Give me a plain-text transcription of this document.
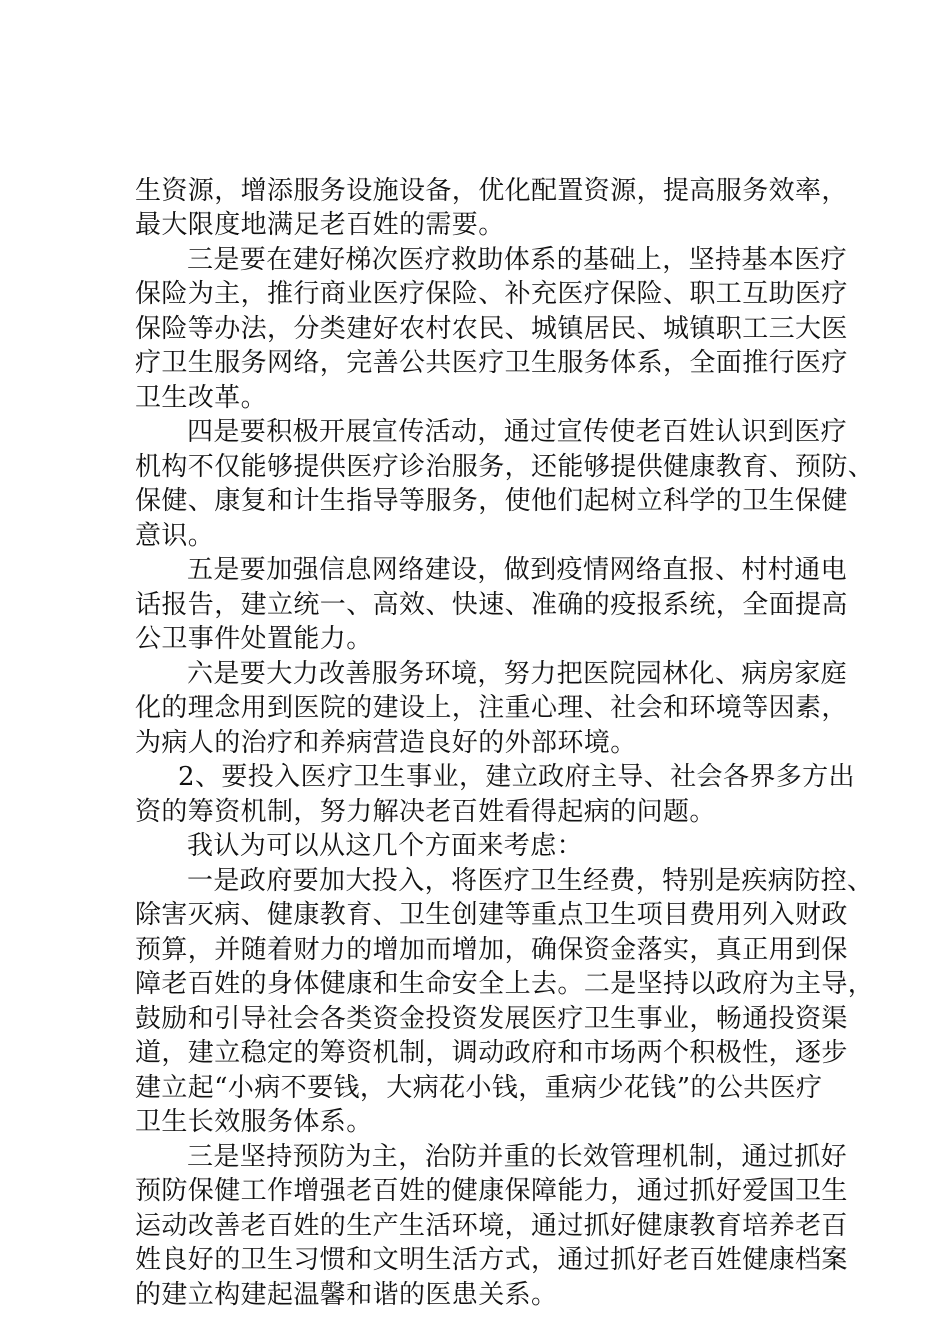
生资源，增添服务设施设备，优化配置资源，提高服务效率，
最大限度地满足老百姓的需要。
三是要在建好梯次医疗救助体系的基础上，坚持基本医疗
保险为主，推行商业医疗保险、补充医疗保险、职工互助医疗
保险等办法，分类建好农村农民、城镇居民、城镇职工三大医
疗卫生服务网络，完善公共医疗卫生服务体系，全面推行医疗
卫生改革。
四是要积极开展宣传活动，通过宣传使老百姓认识到医疗
机构不仅能够提供医疗诊治服务，还能够提供健康教育、预防、
保健、康复和计生指导等服务，使他们起树立科学的卫生保健
意识。
五是要加强信息网络建设，做到疫情网络直报、村村通电
话报告，建立统一、高效、快速、准确的疫报系统，全面提高
公卫事件处置能力。
六是要大力改善服务环境，努力把医院园林化、病房家庭
化的理念用到医院的建设上，注重心理、社会和环境等因素，
为病人的治疗和养病营造良好的外部环境。
2、要投入医疗卫生事业，建立政府主导、社会各界多方出
资的筹资机制，努力解决老百姓看得起病的问题。
我认为可以从这几个方面来考虑：
一是政府要加大投入，将医疗卫生经费，特别是疾病防控、
除害灭病、健康教育、卫生创建等重点卫生项目费用列入财政
预算，并随着财力的增加而增加，确保资金落实，真正用到保
障老百姓的身体健康和生命安全上去。二是坚持以政府为主导，
鼓励和引导社会各类资金投资发展医疗卫生事业，畅通投资渠
道，建立稳定的筹资机制，调动政府和市场两个积极性，逐步
建立起“小病不要钱，大病花小钱，重病少花钱”的公共医疗
卫生长效服务体系。
三是坚持预防为主，治防并重的长效管理机制，通过抓好
预防保健工作增强老百姓的健康保障能力，通过抓好爱国卫生
运动改善老百姓的生产生活环境，通过抓好健康教育培养老百
姓良好的卫生习惯和文明生活方式，通过抓好老百姓健康档案
的建立构建起温馨和谐的医患关系。
